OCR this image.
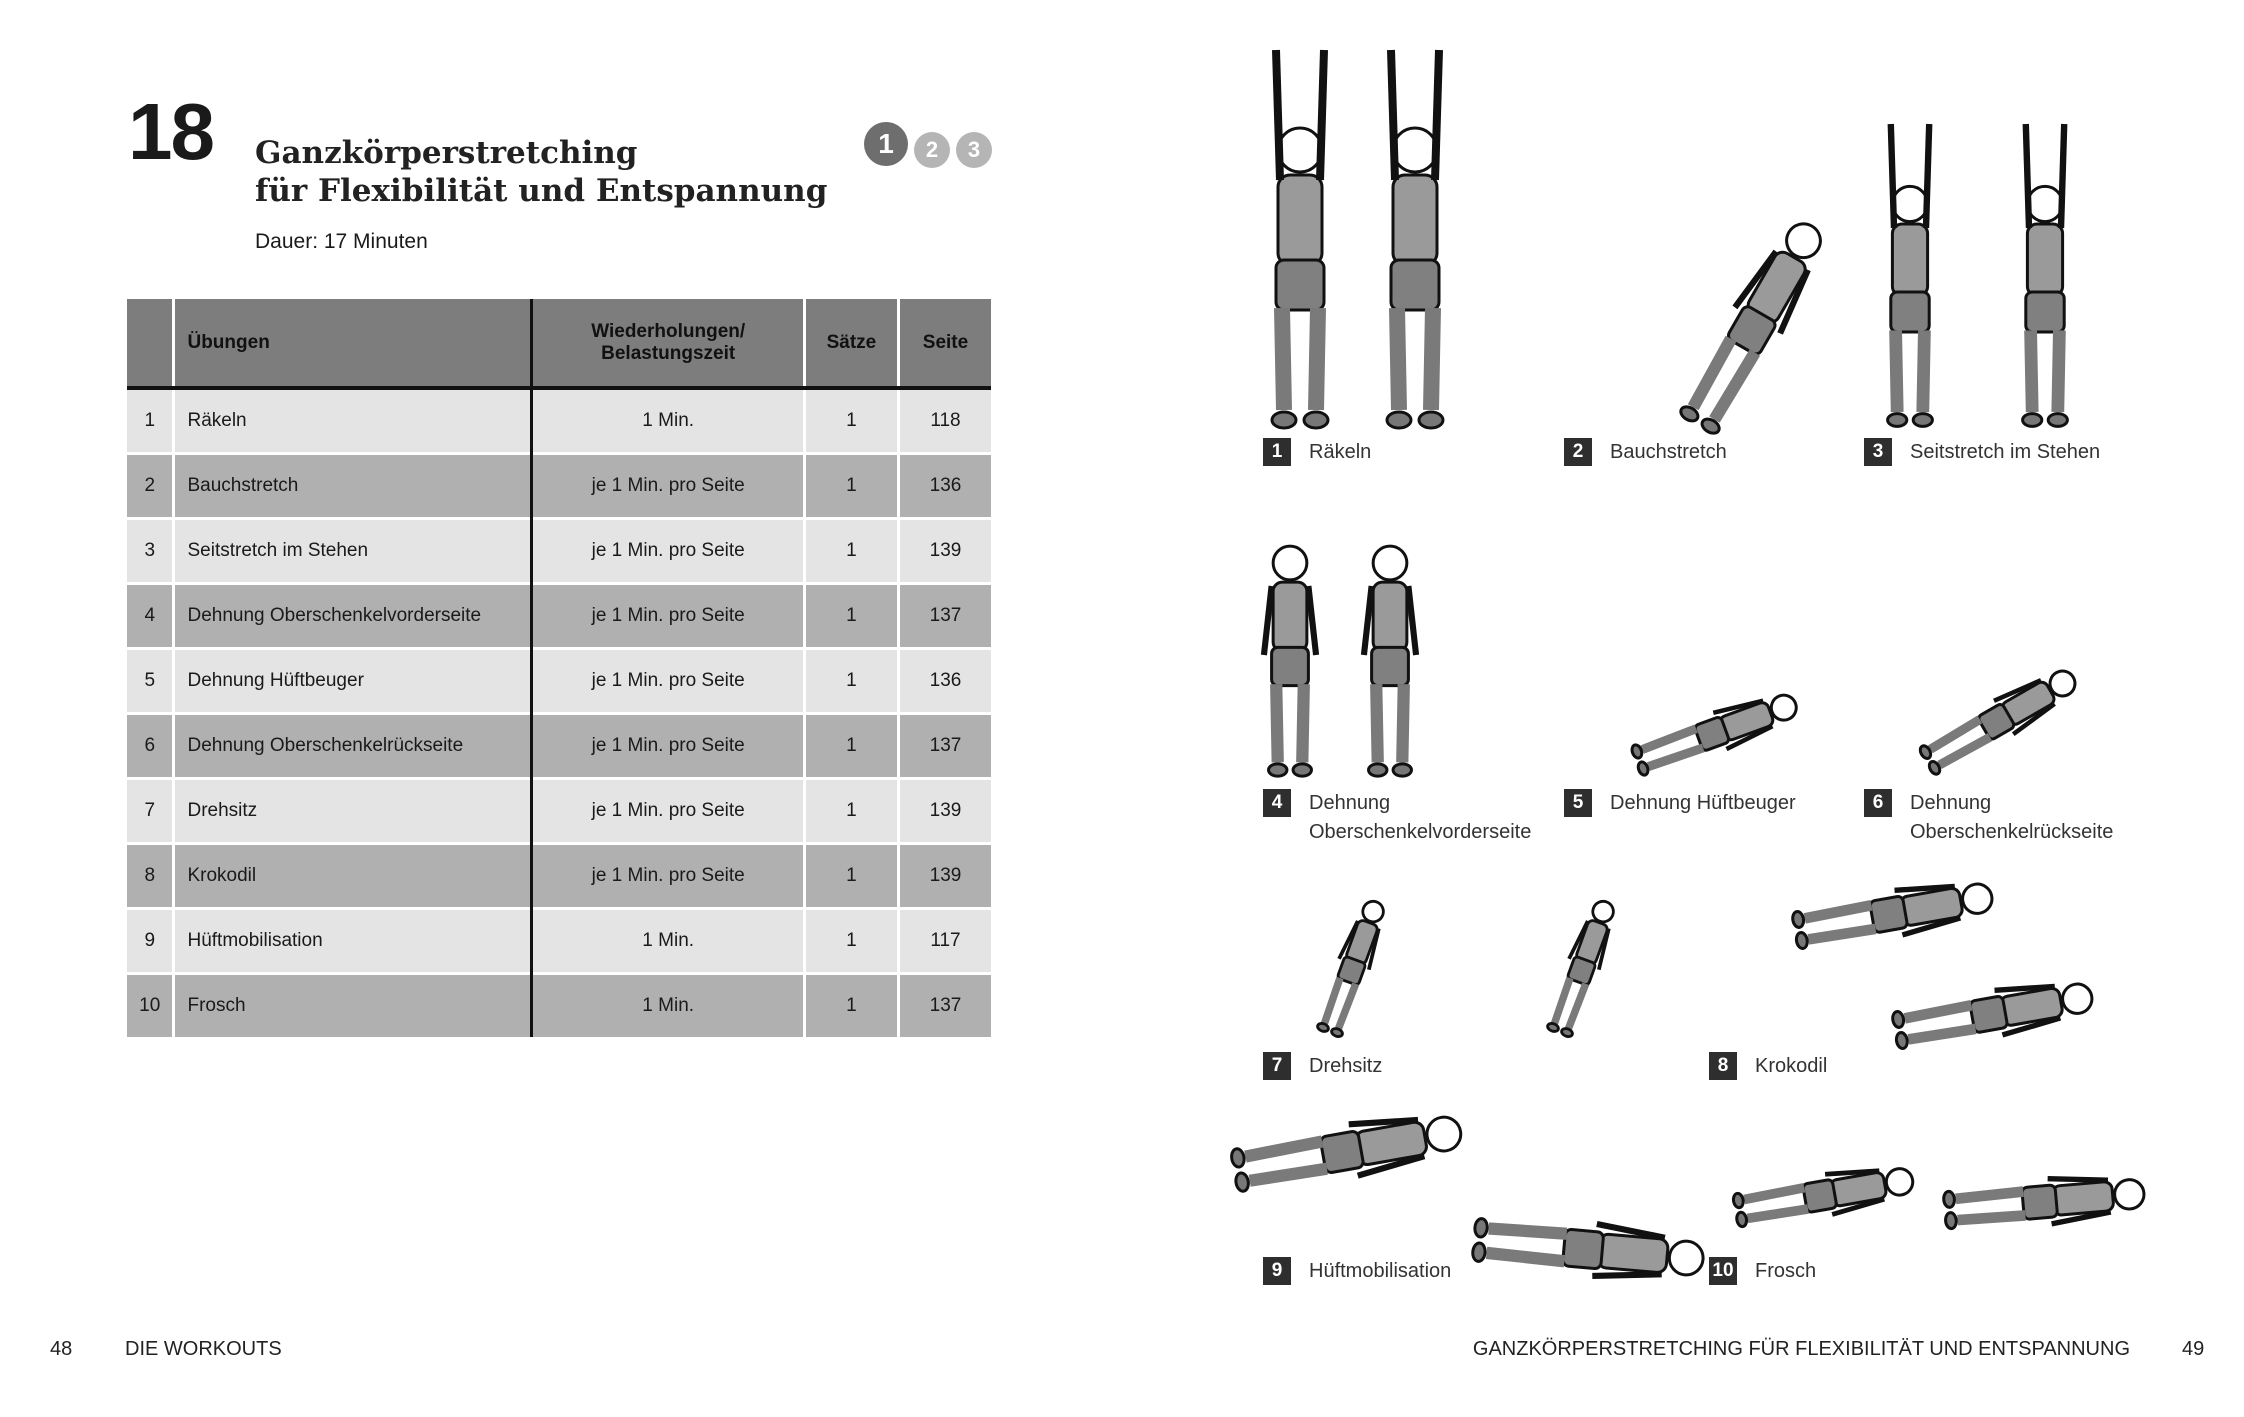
18 Ganzkörperstretching
für Flexibilität und Entspannung
Dauer: 17 Minuten
1	2	3
	Übungen	Wiederholungen/
Belastungszeit	Sätze	Seite
1	Räkeln	1 Min.	1	118
2	Bauchstretch	je 1 Min. pro Seite	1	136
3	Seitstretch im Stehen	je 1 Min. pro Seite	1	139
4	Dehnung Oberschenkelvorderseite	je 1 Min. pro Seite	1	137
5	Dehnung Hüftbeuger	je 1 Min. pro Seite	1	136
6	Dehnung Oberschenkelrückseite	je 1 Min. pro Seite	1	137
7	Drehsitz	je 1 Min. pro Seite	1	139
8	Krokodil	je 1 Min. pro Seite	1	139
9	Hüftmobilisation	1 Min.	1	117
10	Frosch	1 Min.	1	137
1 Räkeln	2 Bauchstretch	3 Seitstretch im Stehen
4 Dehnung
Oberschenkelvorderseite
5 Dehnung Hüftbeuger	6 Dehnung
Oberschenkelrückseite
7 Drehsitz	8 Krokodil
9 Hüftmobilisation	10 Frosch
48	DIE WORKOUTS	GANZKÖRPERSTRETCHING FÜR FLEXIBILITÄT UND ENTSPANNUNG	49
